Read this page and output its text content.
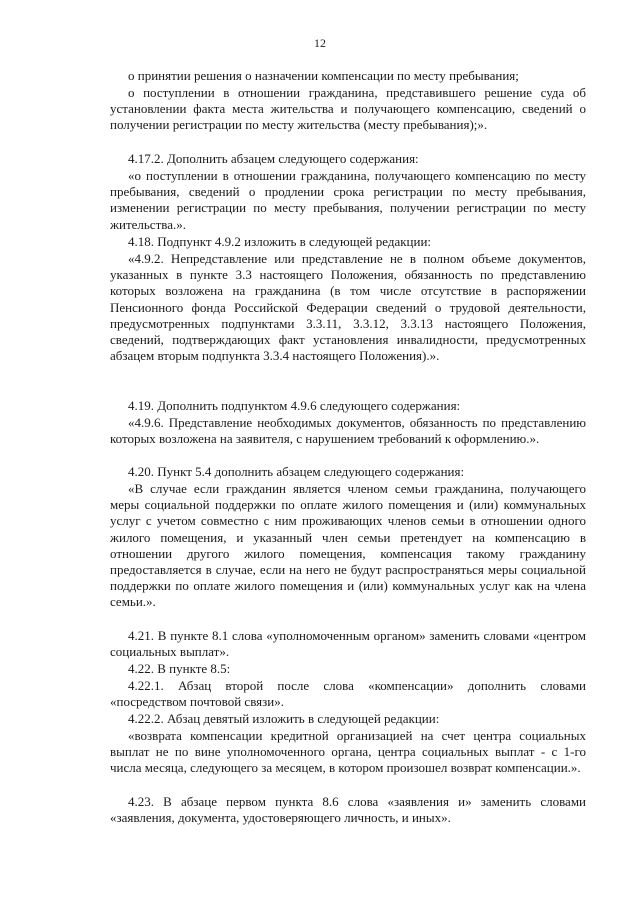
12

о принятии решения о назначении компенсации по месту пребывания;

о поступлении в отношении гражданина, представившего решение суда об установлении факта места жительства и получающего компенсацию, сведений о получении регистрации по месту жительства (месту пребывания);».

4.17.2. Дополнить абзацем следующего содержания:

«о поступлении в отношении гражданина, получающего компенсацию по месту пребывания, сведений о продлении срока регистрации по месту пребывания, изменении регистрации по месту пребывания, получении регистрации по месту жительства.».

4.18. Подпункт 4.9.2 изложить в следующей редакции:

«4.9.2. Непредставление или представление не в полном объеме документов, указанных в пункте 3.3 настоящего Положения, обязанность по представлению которых возложена на гражданина (в том числе отсутствие в распоряжении Пенсионного фонда Российской Федерации сведений о трудовой деятельности, предусмотренных подпунктами 3.3.11, 3.3.12, 3.3.13 настоящего Положения, сведений, подтверждающих факт установления инвалидности, предусмотренных абзацем вторым подпункта 3.3.4 настоящего Положения).».

4.19. Дополнить подпунктом 4.9.6 следующего содержания:

«4.9.6. Представление необходимых документов, обязанность по представлению которых возложена на заявителя, с нарушением требований к оформлению.».

4.20. Пункт 5.4 дополнить абзацем следующего содержания:

«В случае если гражданин является членом семьи гражданина, получающего меры социальной поддержки по оплате жилого помещения и (или) коммунальных услуг с учетом совместно с ним проживающих членов семьи в отношении одного жилого помещения, и указанный член семьи претендует на компенсацию в отношении другого жилого помещения, компенсация такому гражданину предоставляется в случае, если на него не будут распространяться меры социальной поддержки по оплате жилого помещения и (или) коммунальных услуг как на члена семьи.».

4.21. В пункте 8.1 слова «уполномоченным органом» заменить словами «центром социальных выплат».

4.22. В пункте 8.5:

4.22.1. Абзац второй после слова «компенсации» дополнить словами «посредством почтовой связи».

4.22.2. Абзац девятый изложить в следующей редакции:

«возврата компенсации кредитной организацией на счет центра социальных выплат не по вине уполномоченного органа, центра социальных выплат - с 1-го числа месяца, следующего за месяцем, в котором произошел возврат компенсации.».

4.23. В абзаце первом пункта 8.6 слова «заявления и» заменить словами «заявления, документа, удостоверяющего личность, и иных».
